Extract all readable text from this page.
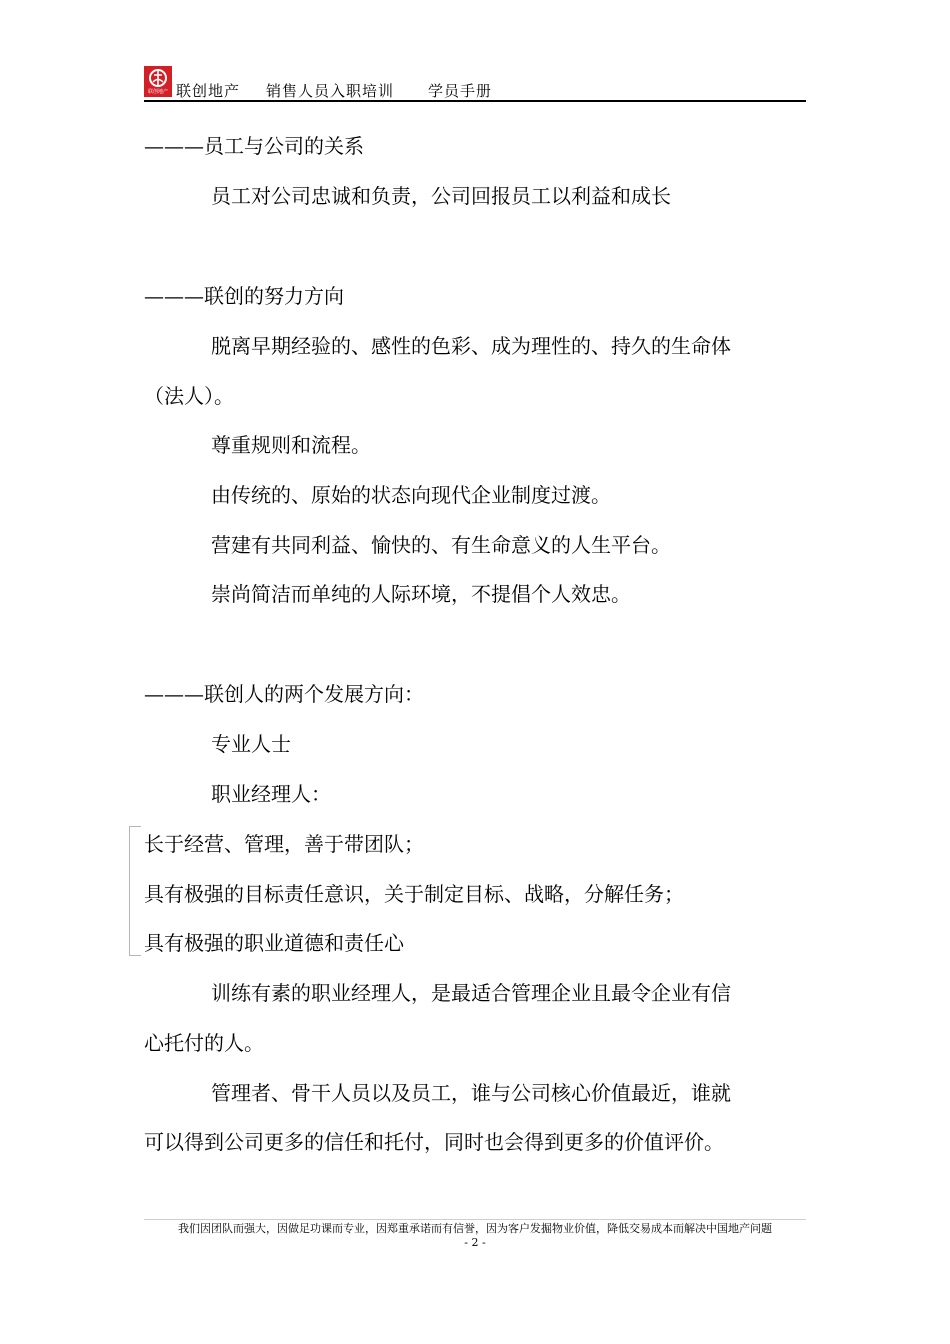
联创地产 联创地产 销售人员入职培训 学员手册
———员工与公司的关系
员工对公司忠诚和负责，公司回报员工以利益和成长
———联创的努力方向
脱离早期经验的、感性的色彩、成为理性的、持久的生命体
（法人）。
尊重规则和流程。
由传统的、原始的状态向现代企业制度过渡。
营建有共同利益、愉快的、有生命意义的人生平台。
崇尚简洁而单纯的人际环境，不提倡个人效忠。
———联创人的两个发展方向：
专业人士
职业经理人：
长于经营、管理，善于带团队；
具有极强的目标责任意识，关于制定目标、战略，分解任务；
具有极强的职业道德和责任心
训练有素的职业经理人，是最适合管理企业且最令企业有信
心托付的人。
管理者、骨干人员以及员工，谁与公司核心价值最近，谁就
可以得到公司更多的信任和托付，同时也会得到更多的价值评价。
我们因团队而强大，因做足功课而专业，因郑重承诺而有信誉，因为客户发掘物业价值，降低交易成本而解决中国地产问题
- 2 -
